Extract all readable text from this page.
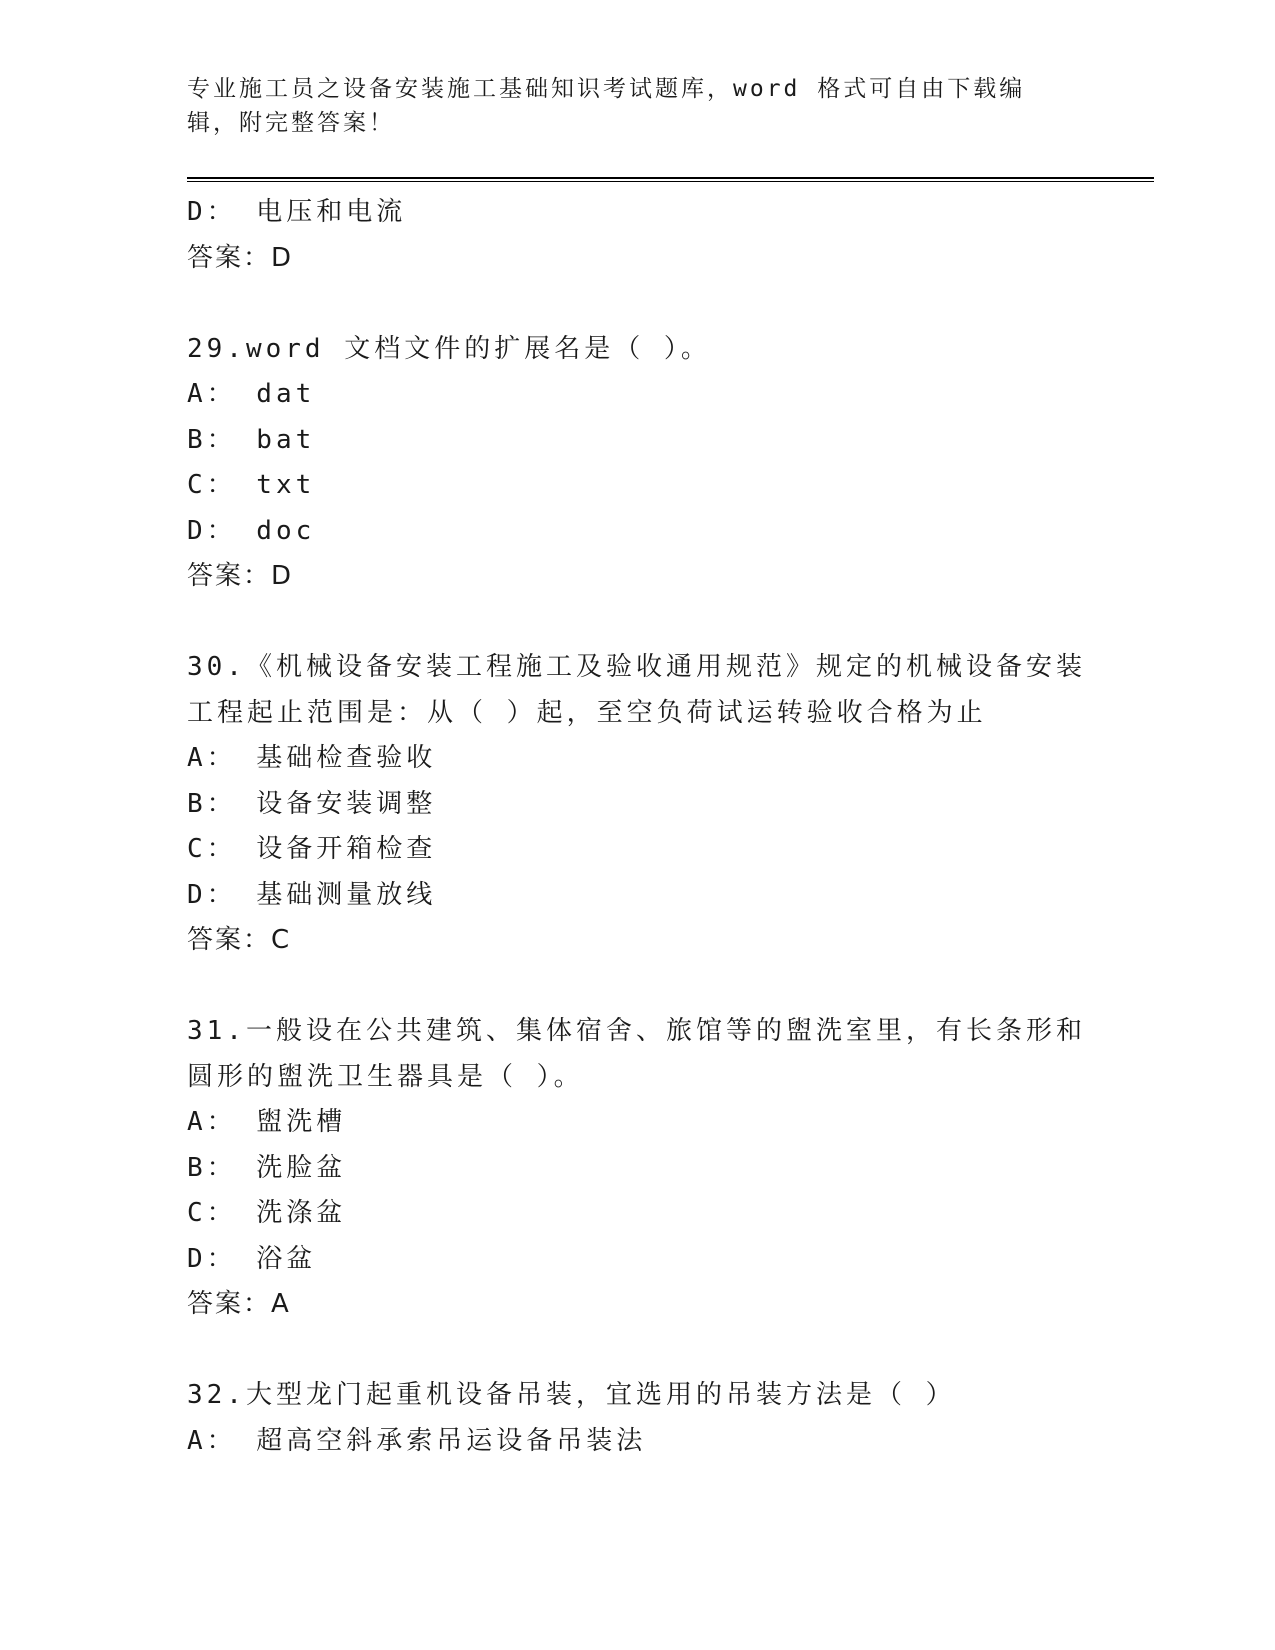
专业施工员之设备安装施工基础知识考试题库，word 格式可自由下载编辑，附完整答案！
D： 电压和电流
答案：D
29.word 文档文件的扩展名是（ ）。
A： dat
B： bat
C： txt
D： doc
答案：D
30.《机械设备安装工程施工及验收通用规范》规定的机械设备安装工程起止范围是：从（ ）起，至空负荷试运转验收合格为止
A： 基础检查验收
B： 设备安装调整
C： 设备开箱检查
D： 基础测量放线
答案：C
31.一般设在公共建筑、集体宿舍、旅馆等的盥洗室里，有长条形和圆形的盥洗卫生器具是（ ）。
A： 盥洗槽
B： 洗脸盆
C： 洗涤盆
D： 浴盆
答案：A
32.大型龙门起重机设备吊装，宜选用的吊装方法是（ ）
A： 超高空斜承索吊运设备吊装法
